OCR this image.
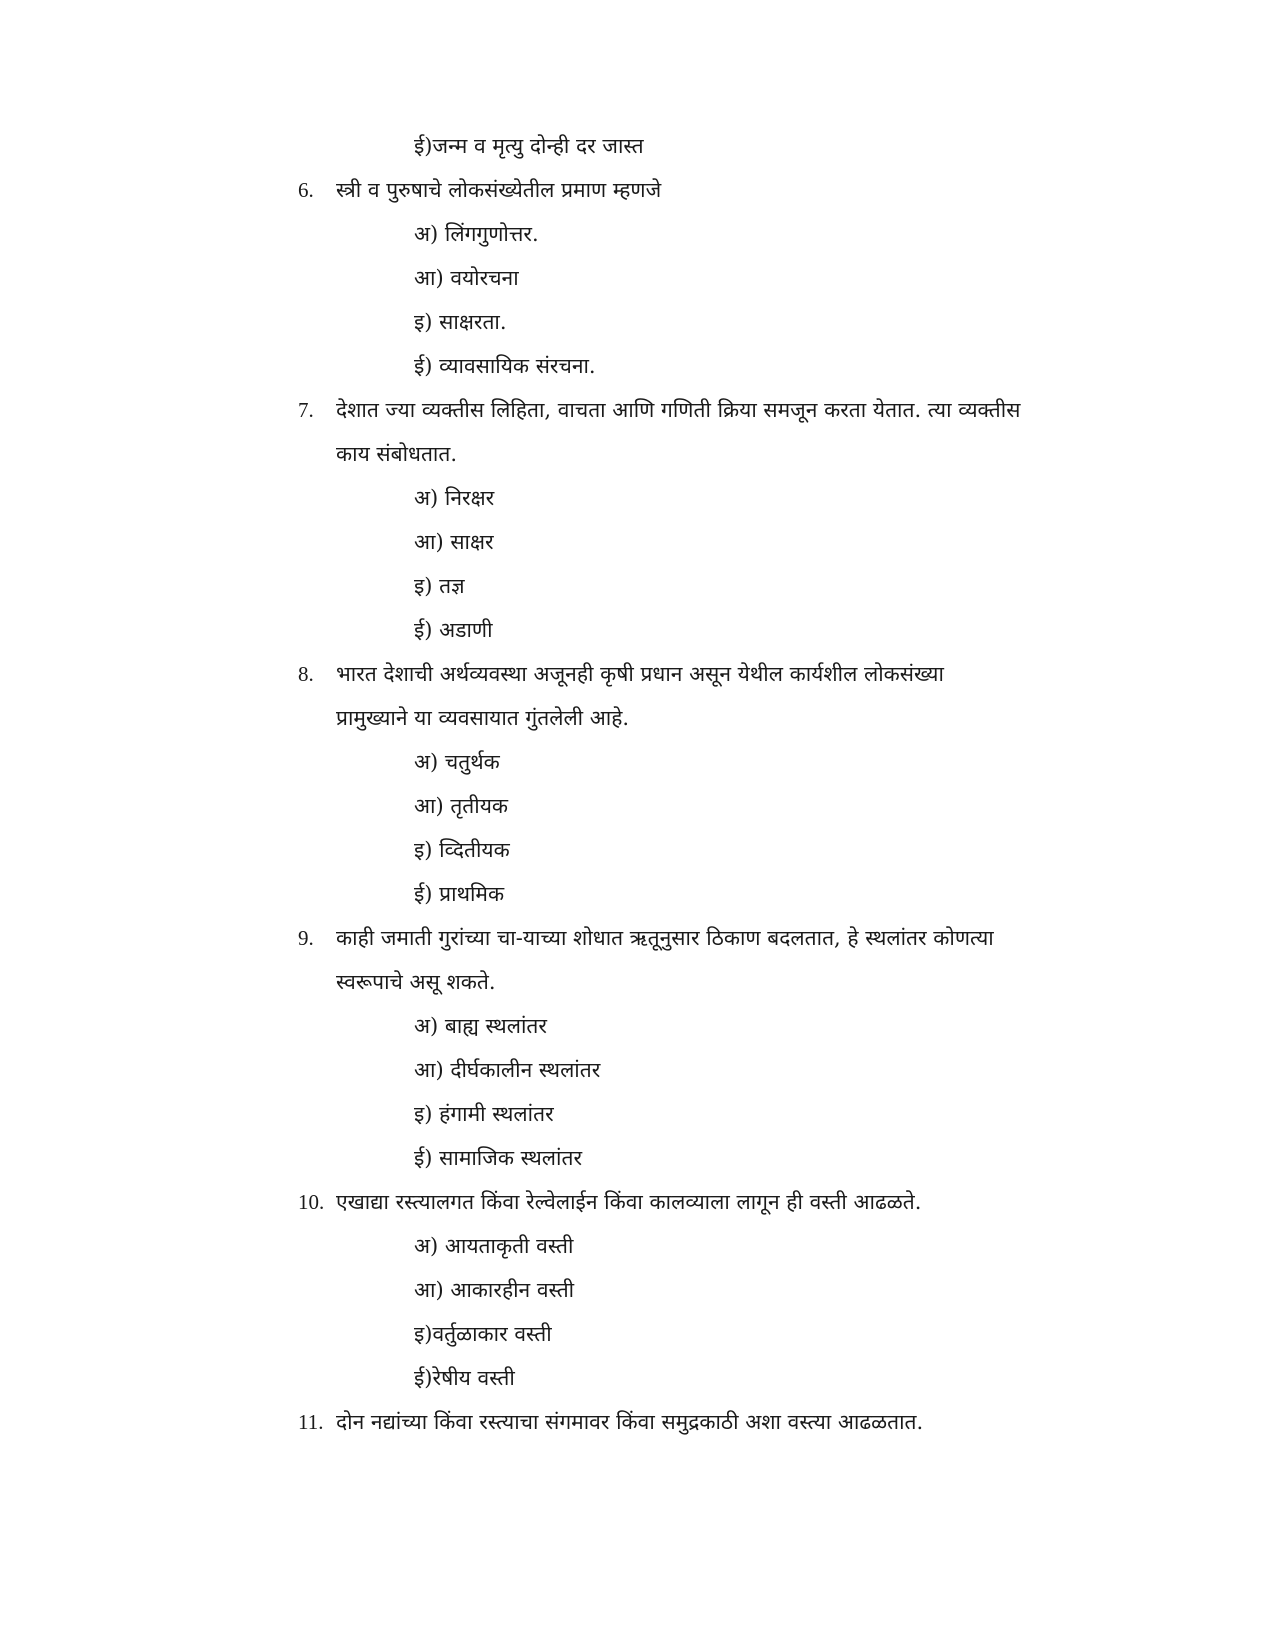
ई)जन्म व मृत्यु दोन्ही दर जास्त
6.	स्त्री व पुरुषाचे लोकसंख्येतील प्रमाण म्हणजे
अ) लिंगगुणोत्तर.
आ) वयोरचना
इ) साक्षरता.
ई) व्यावसायिक संरचना.
7.	देशात ज्या व्यक्तीस लिहिता, वाचता आणि गणिती क्रिया समजून करता येतात. त्या व्यक्तीस
काय संबोधतात.
अ) निरक्षर
आ) साक्षर
इ) तज्ञ
ई) अडाणी
8.	भारत देशाची अर्थव्यवस्था अजूनही कृषी प्रधान असून येथील कार्यशील लोकसंख्या
प्रामुख्याने या व्यवसायात गुंतलेली आहे.
अ) चतुर्थक
आ) तृतीयक
इ) व्दितीयक
ई) प्राथमिक
9.	काही जमाती गुरांच्या चा-याच्या शोधात ऋतूनुसार ठिकाण बदलतात, हे स्थलांतर कोणत्या
स्वरूपाचे असू शकते.
अ) बाह्य स्थलांतर
आ) दीर्घकालीन स्थलांतर
इ) हंगामी स्थलांतर
ई) सामाजिक स्थलांतर
10. एखाद्या रस्त्यालगत किंवा रेल्वेलाईन किंवा कालव्याला लागून ही वस्ती आढळते.
अ) आयताकृती वस्ती
आ) आकारहीन वस्ती
इ)वर्तुळाकार वस्ती
ई)रेषीय वस्ती
11. दोन नद्यांच्या किंवा रस्त्याचा संगमावर किंवा समुद्रकाठी अशा वस्त्या आढळतात.
